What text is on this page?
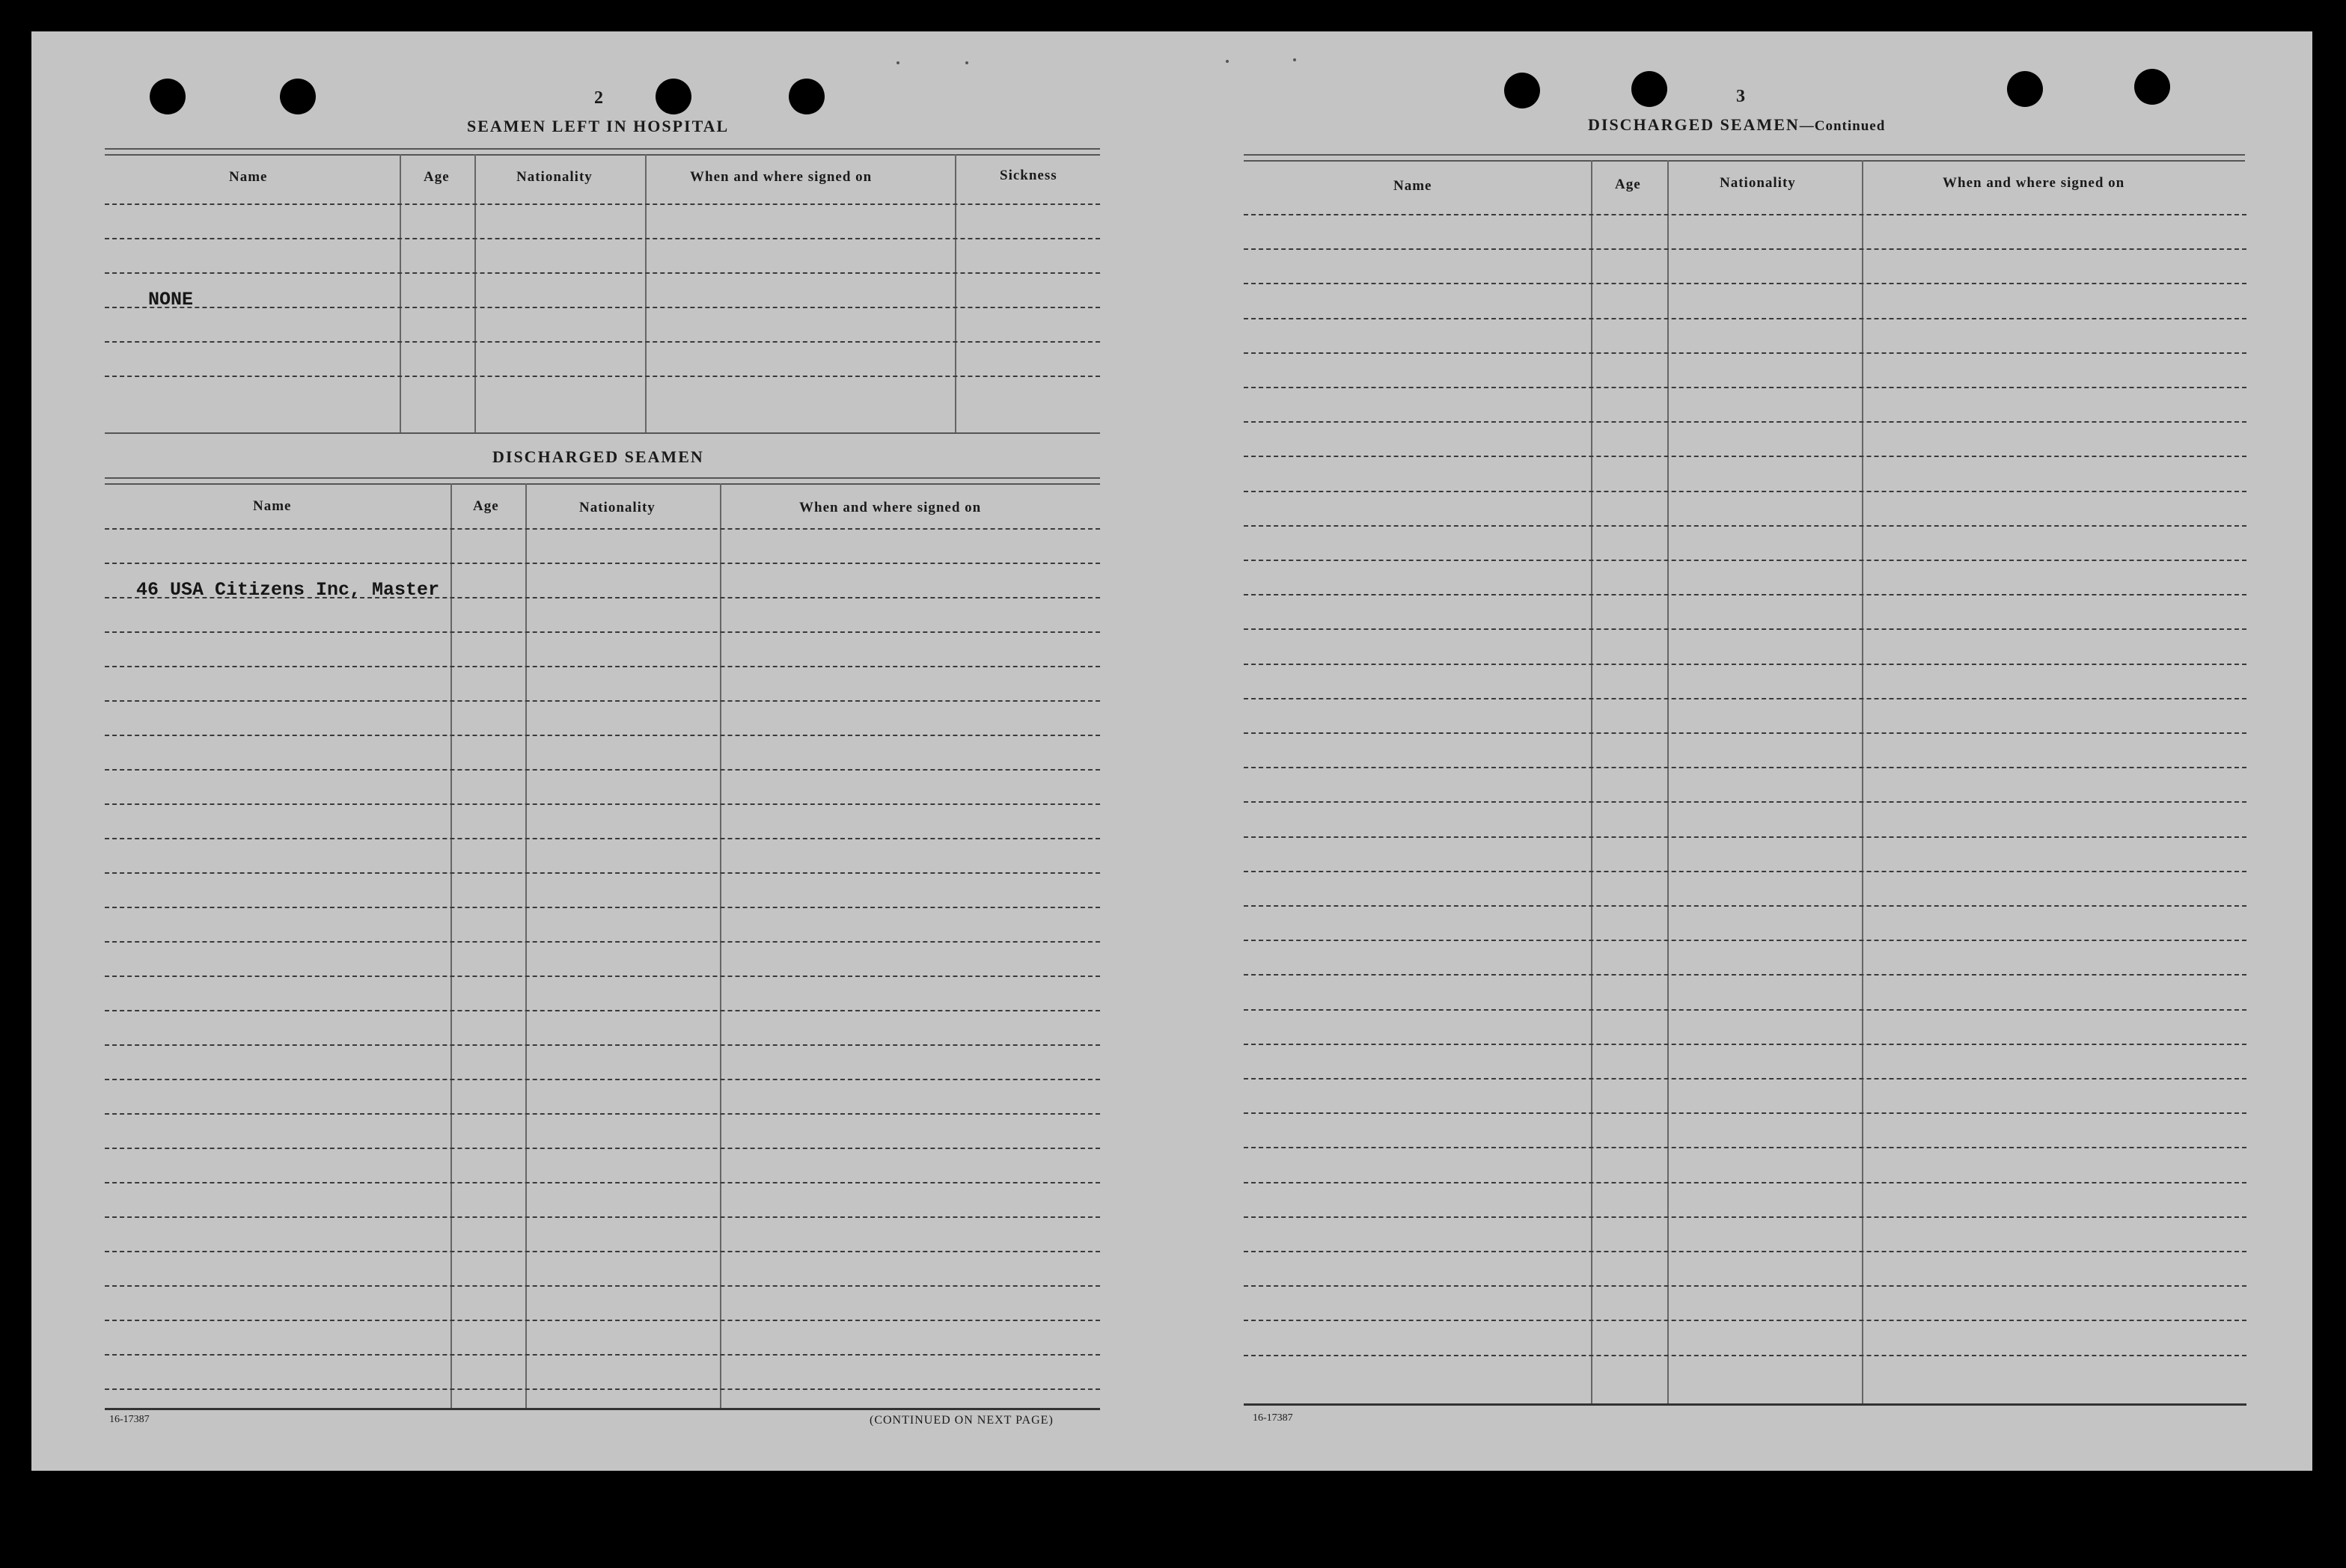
2
SEAMEN LEFT IN HOSPITAL
Name	Age	Nationality	When and where signed on	Sickness
NONE
DISCHARGED SEAMEN
Name	Age	Nationality	When and where signed on
46 USA Citizens Inc, Master
16-17387	(CONTINUED ON NEXT PAGE)
3
DISCHARGED SEAMEN—Continued
Name	Age	Nationality	When and where signed on
16-17387
